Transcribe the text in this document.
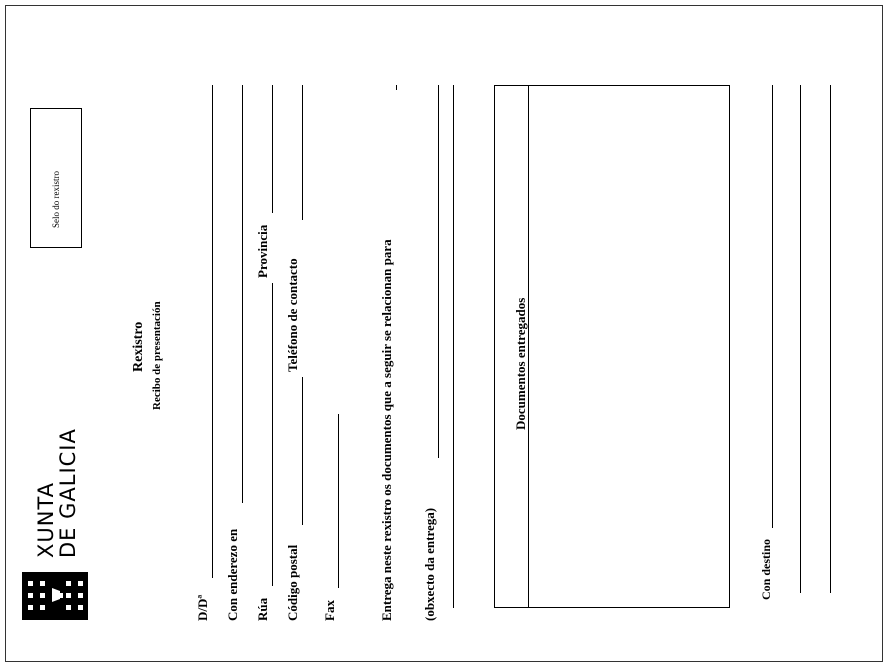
XUNTA
DE GALICIA
Selo do rexistro
Rexistro Recibo de presentación
D/Dª Con enderezo en Rúa
Provincia
Código postal
Teléfono de contacto
Fax	Entrega neste rexistro os documentos que a seguir se relacionan para (obxecto da entrega)
Documentos entregados
Con destino
